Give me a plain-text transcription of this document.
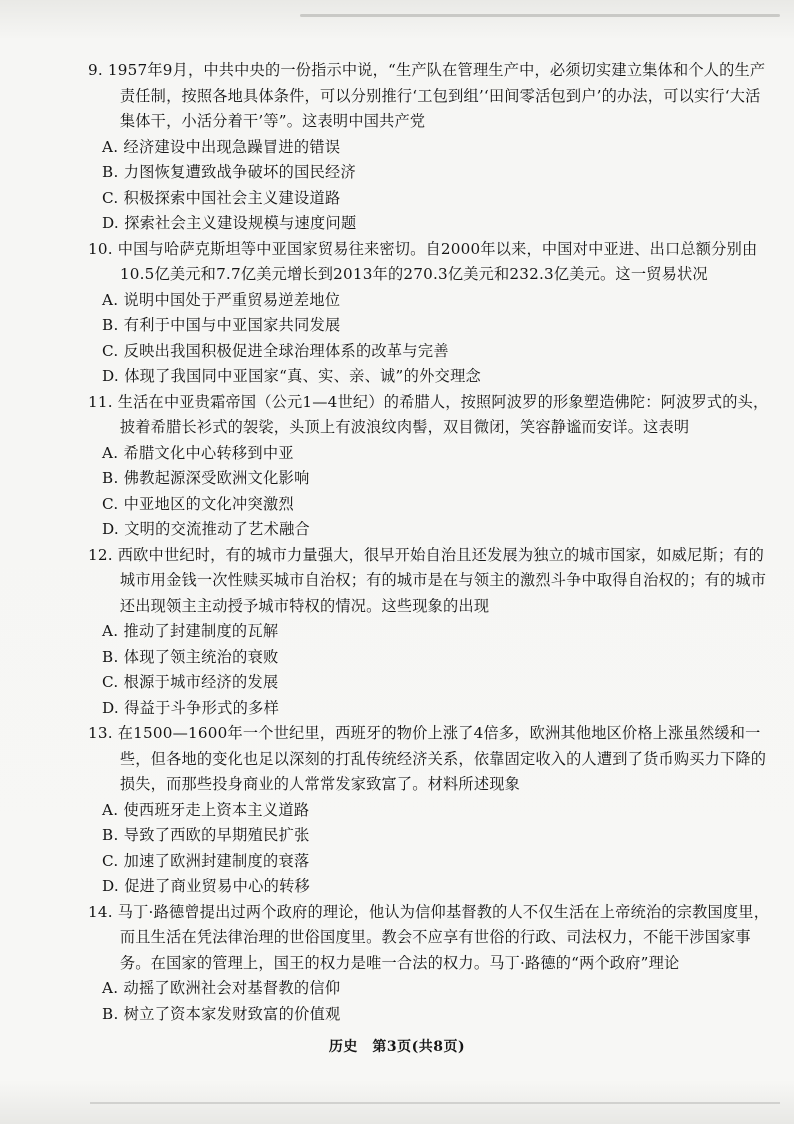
9. 1957年9月，中共中央的一份指示中说，“生产队在管理生产中，必须切实建立集体和个人的生产责任制，按照各地具体条件，可以分别推行‘工包到组’‘田间零活包到户’的办法，可以实行‘大活集体干，小活分着干’等”。这表明中国共产党

A. 经济建设中出现急躁冒进的错误

B. 力图恢复遭致战争破坏的国民经济

C. 积极探索中国社会主义建设道路

D. 探索社会主义建设规模与速度问题

10. 中国与哈萨克斯坦等中亚国家贸易往来密切。自2000年以来，中国对中亚进、出口总额分别由10.5亿美元和7.7亿美元增长到2013年的270.3亿美元和232.3亿美元。这一贸易状况

A. 说明中国处于严重贸易逆差地位

B. 有利于中国与中亚国家共同发展

C. 反映出我国积极促进全球治理体系的改革与完善

D. 体现了我国同中亚国家“真、实、亲、诚”的外交理念

11. 生活在中亚贵霜帝国（公元1—4世纪）的希腊人，按照阿波罗的形象塑造佛陀：阿波罗式的头，披着希腊长衫式的袈裟，头顶上有波浪纹肉髻，双目微闭，笑容静谧而安详。这表明

A. 希腊文化中心转移到中亚

B. 佛教起源深受欧洲文化影响

C. 中亚地区的文化冲突激烈

D. 文明的交流推动了艺术融合

12. 西欧中世纪时，有的城市力量强大，很早开始自治且还发展为独立的城市国家，如威尼斯；有的城市用金钱一次性赎买城市自治权；有的城市是在与领主的激烈斗争中取得自治权的；有的城市还出现领主主动授予城市特权的情况。这些现象的出现

A. 推动了封建制度的瓦解

B. 体现了领主统治的衰败

C. 根源于城市经济的发展

D. 得益于斗争形式的多样

13. 在1500—1600年一个世纪里，西班牙的物价上涨了4倍多，欧洲其他地区价格上涨虽然缓和一些，但各地的变化也足以深刻的打乱传统经济关系，依靠固定收入的人遭到了货币购买力下降的损失，而那些投身商业的人常常发家致富了。材料所述现象

A. 使西班牙走上资本主义道路

B. 导致了西欧的早期殖民扩张

C. 加速了欧洲封建制度的衰落

D. 促进了商业贸易中心的转移

14. 马丁·路德曾提出过两个政府的理论，他认为信仰基督教的人不仅生活在上帝统治的宗教国度里，而且生活在凭法律治理的世俗国度里。教会不应享有世俗的行政、司法权力，不能干涉国家事务。在国家的管理上，国王的权力是唯一合法的权力。马丁·路德的“两个政府”理论

A. 动摇了欧洲社会对基督教的信仰

B. 树立了资本家发财致富的价值观

历史　第3页(共8页)
